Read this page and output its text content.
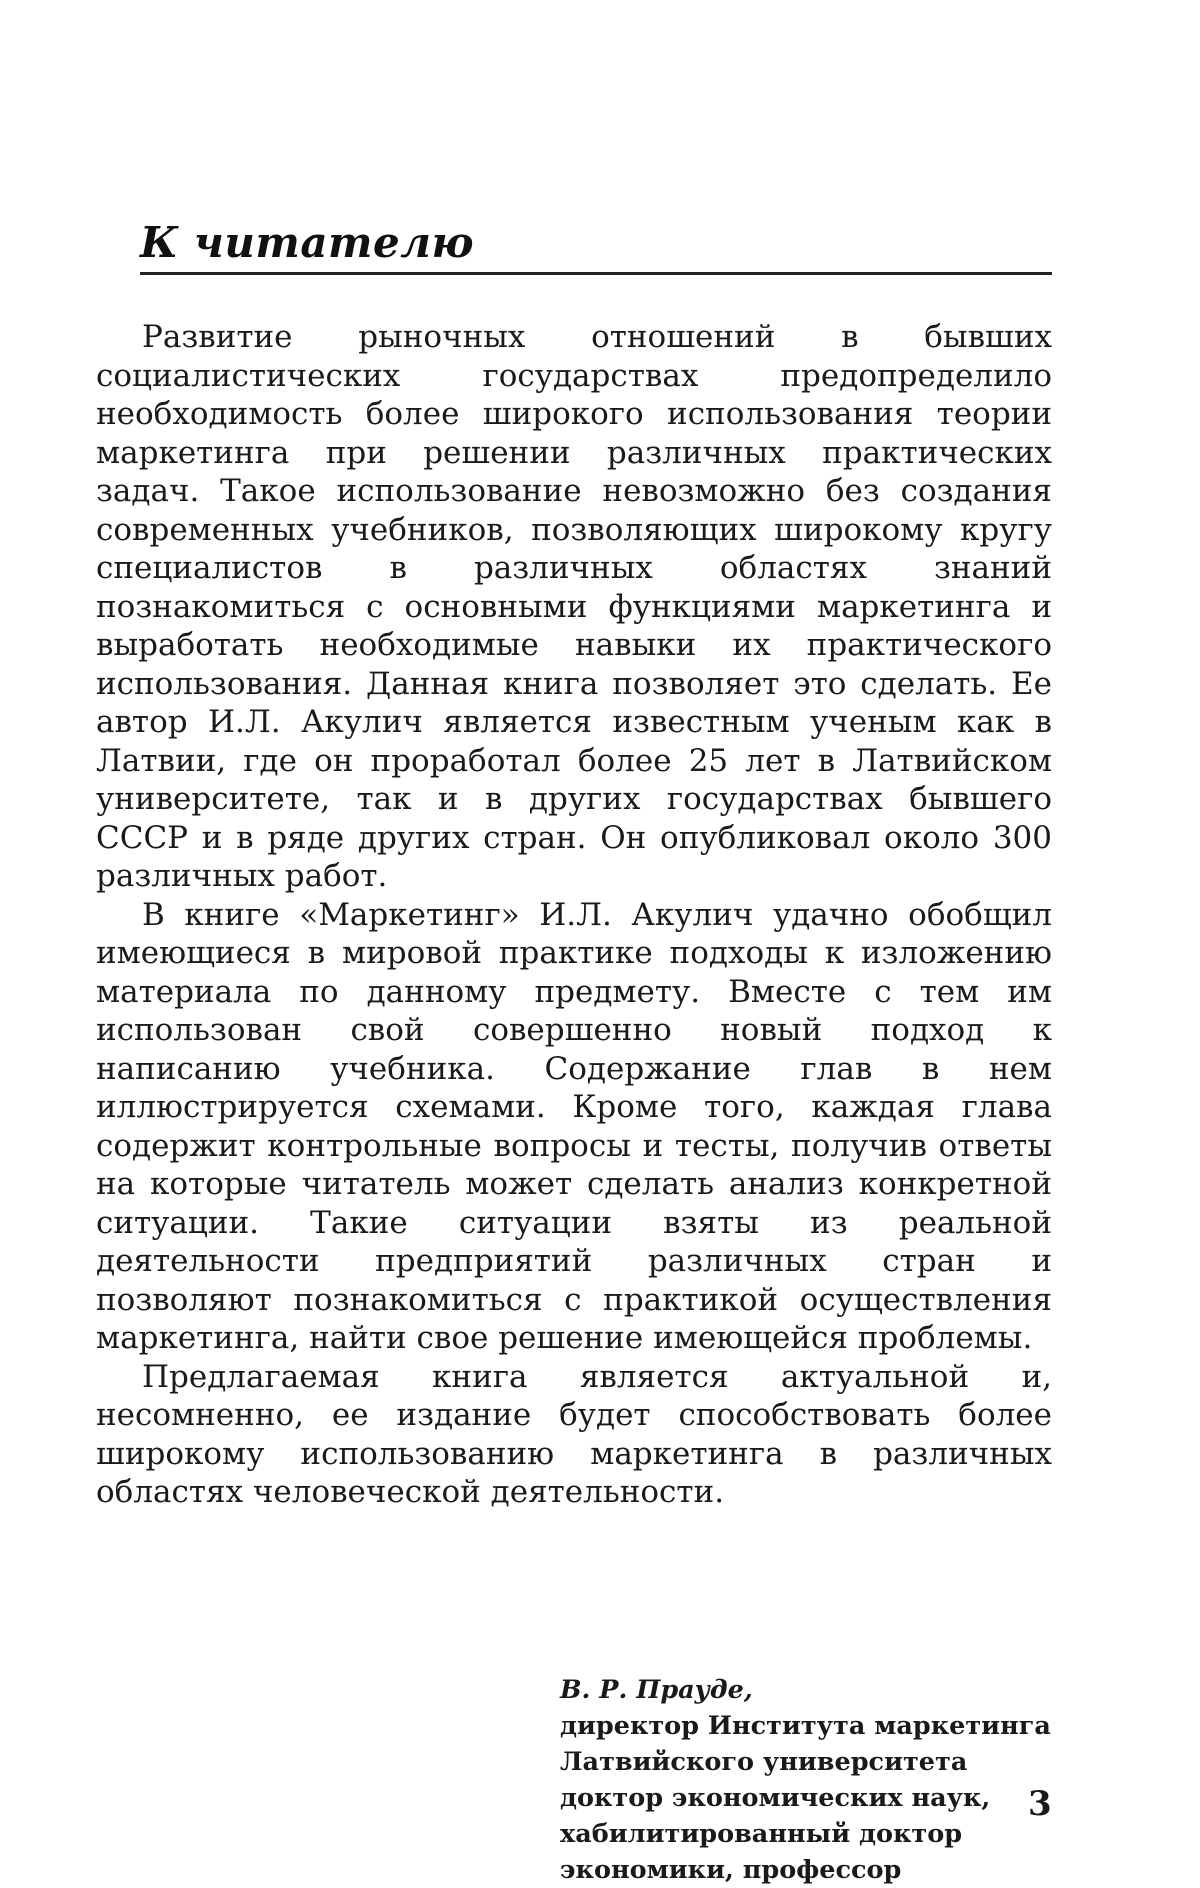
К читателю

Развитие рыночных отношений в бывших социалистических государствах предопределило необходимость более широкого использования теории маркетинга при решении различных практических задач. Такое использование невозможно без создания современных учебников, позволяющих широкому кругу специалистов в различных областях знаний познакомиться с основными функциями маркетинга и выработать необходимые навыки их практического использования. Данная книга позволяет это сделать. Ее автор И.Л. Акулич является известным ученым как в Латвии, где он проработал более 25 лет в Латвийском университете, так и в других государствах бывшего СССР и в ряде других стран. Он опубликовал около 300 различных работ.

В книге «Маркетинг» И.Л. Акулич удачно обобщил имеющиеся в мировой практике подходы к изложению материала по данному предмету. Вместе с тем им использован свой совершенно новый подход к написанию учебника. Содержание глав в нем иллюстрируется схемами. Кроме того, каждая глава содержит контрольные вопросы и тесты, получив ответы на которые читатель может сделать анализ конкретной ситуации. Такие ситуации взяты из реальной деятельности предприятий различных стран и позволяют познакомиться с практикой осуществления маркетинга, найти свое решение имеющейся проблемы.

Предлагаемая книга является актуальной и, несомненно, ее издание будет способствовать более широкому использованию маркетинга в различных областях человеческой деятельности.

В. Р. Прауде,
директор Института маркетинга
Латвийского университета
доктор экономических наук,
хабилитированный доктор
экономики, профессор
3
